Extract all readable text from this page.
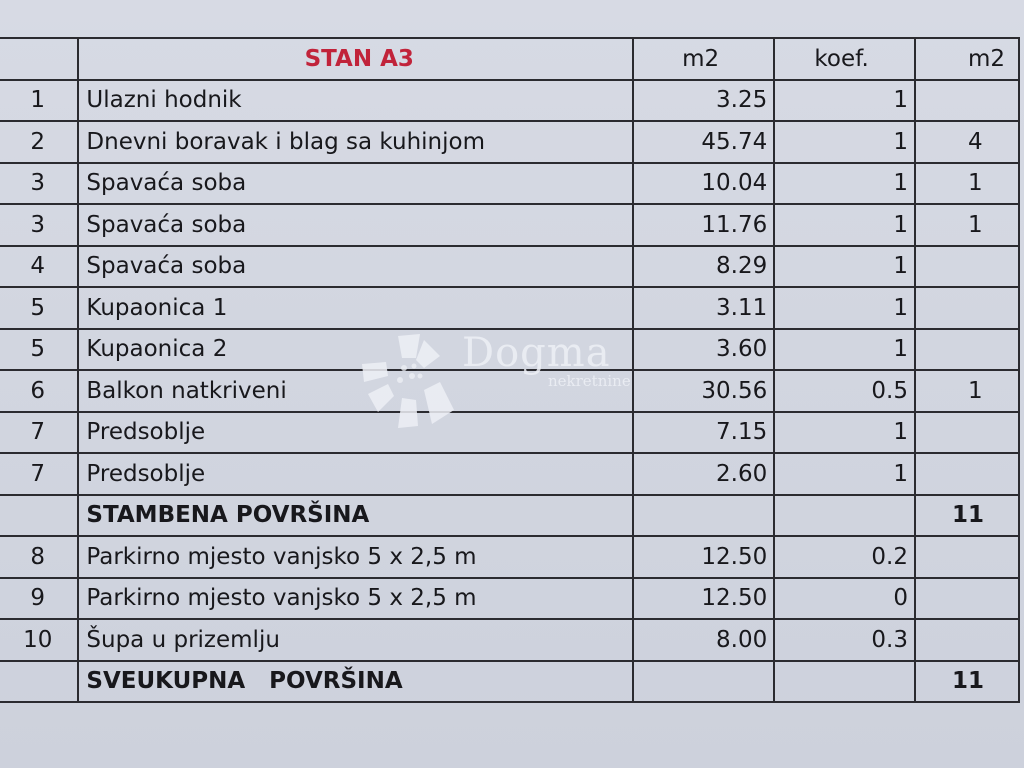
	STAN A3	m2	koef.	m2

1	Ulazni hodnik	3.25	1	

2	Dnevni boravak i blag sa kuhinjom	45.74	1	4

3	Spavaća soba	10.04	1	1

3	Spavaća soba	11.76	1	1

4	Spavaća soba	8.29	1	

5	Kupaonica 1	3.11	1	

5	Kupaonica 2	3.60	1	

6	Balkon natkriveni	30.56	0.5	1

7	Predsoblje	7.15	1	

7	Predsoblje	2.60	1	

	STAMBENA POVRŠINA			11

8	Parkirno mjesto vanjsko 5 x 2,5 m	12.50	0.2	

9	Parkirno mjesto vanjsko 5 x 2,5 m	12.50	0	

10	Šupa u prizemlju	8.00	0.3	

	SVEUKUPNA   POVRŠINA			11
Dogma
nekretnine
